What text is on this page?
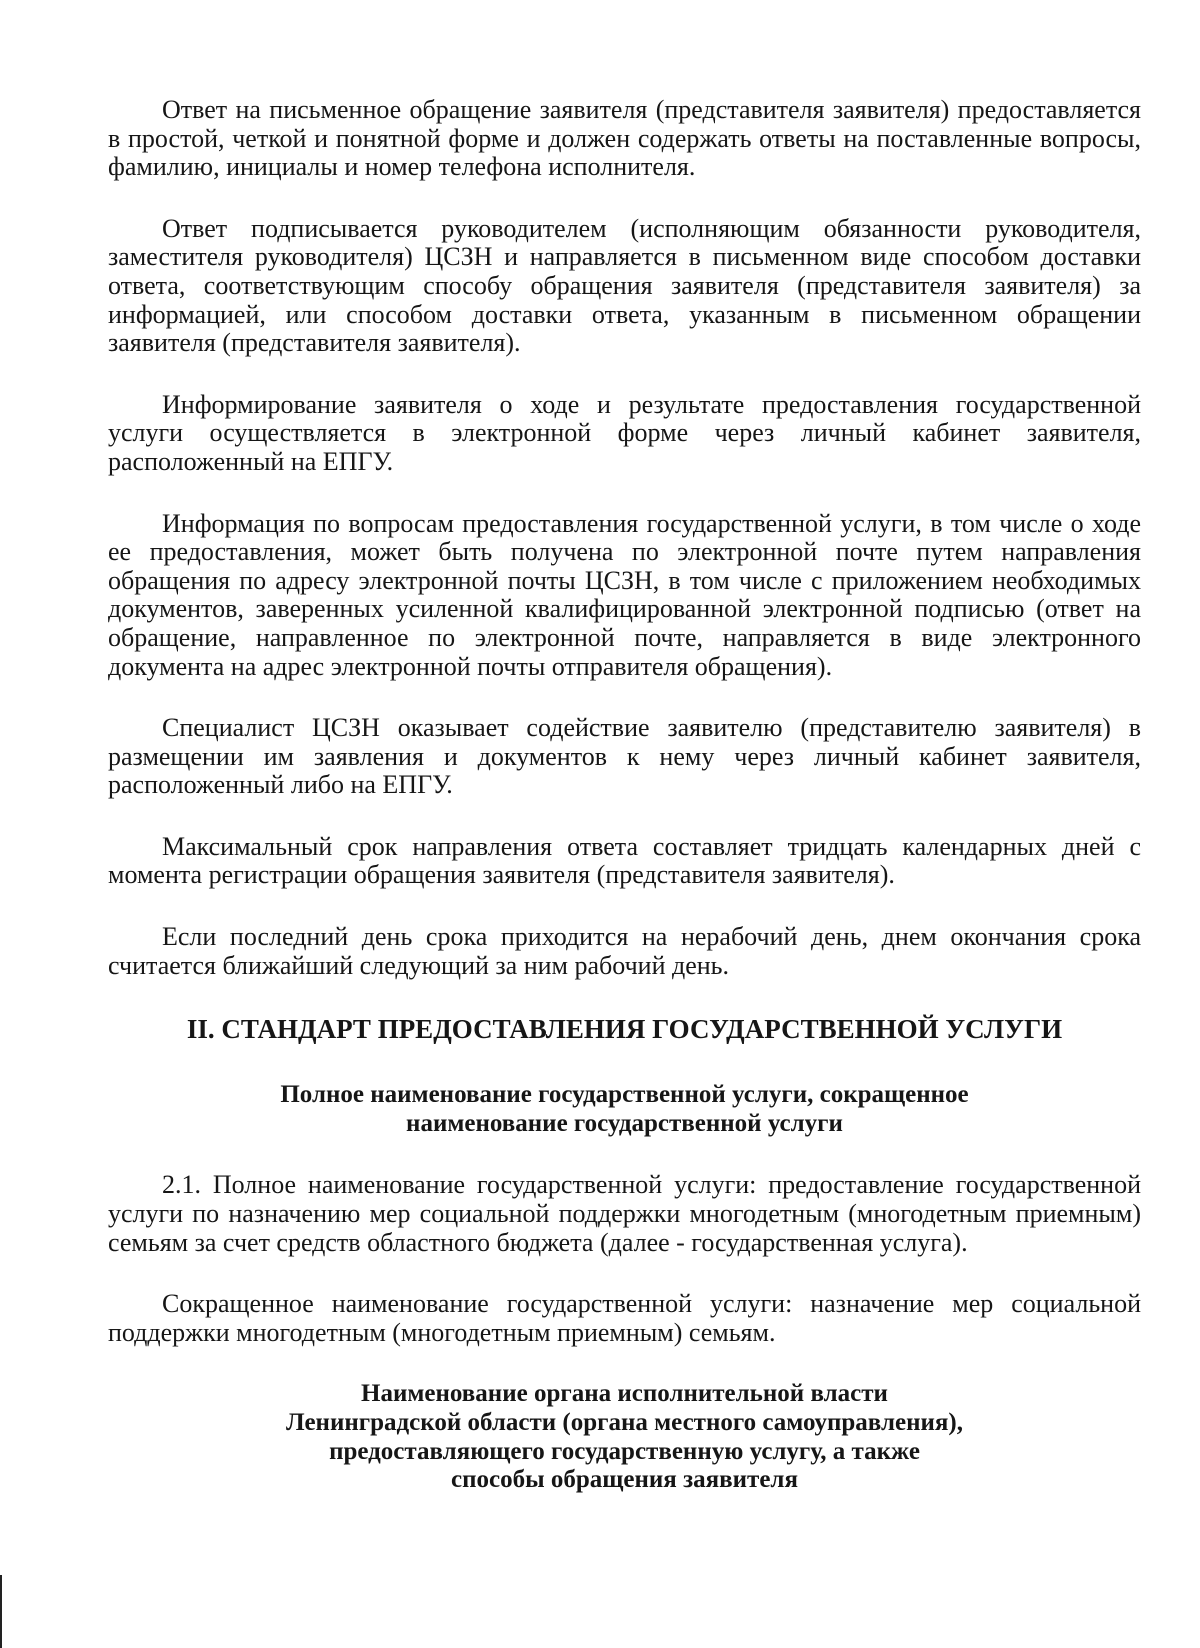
Ответ на письменное обращение заявителя (представителя заявителя) предоставляется в простой, четкой и понятной форме и должен содержать ответы на поставленные вопросы, фамилию, инициалы и номер телефона исполнителя.

Ответ подписывается руководителем (исполняющим обязанности руководителя, заместителя руководителя) ЦСЗН и направляется в письменном виде способом доставки ответа, соответствующим способу обращения заявителя (представителя заявителя) за информацией, или способом доставки ответа, указанным в письменном обращении заявителя (представителя заявителя).

Информирование заявителя о ходе и результате предоставления государственной услуги осуществляется в электронной форме через личный кабинет заявителя, расположенный на ЕПГУ.

Информация по вопросам предоставления государственной услуги, в том числе о ходе ее предоставления, может быть получена по электронной почте путем направления обращения по адресу электронной почты ЦСЗН, в том числе с приложением необходимых документов, заверенных усиленной квалифицированной электронной подписью (ответ на обращение, направленное по электронной почте, направляется в виде электронного документа на адрес электронной почты отправителя обращения).

Специалист ЦСЗН оказывает содействие заявителю (представителю заявителя) в размещении им заявления и документов к нему через личный кабинет заявителя, расположенный либо на ЕПГУ.

Максимальный срок направления ответа составляет тридцать календарных дней с момента регистрации обращения заявителя (представителя заявителя).

Если последний день срока приходится на нерабочий день, днем окончания срока считается ближайший следующий за ним рабочий день.

II. СТАНДАРТ ПРЕДОСТАВЛЕНИЯ ГОСУДАРСТВЕННОЙ УСЛУГИ
Полное наименование государственной услуги, сокращенное
наименование государственной услуги

2.1. Полное наименование государственной услуги: предоставление государственной услуги по назначению мер социальной поддержки многодетным (многодетным приемным) семьям за счет средств областного бюджета (далее - государственная услуга).

Сокращенное наименование государственной услуги: назначение мер социальной поддержки многодетным (многодетным приемным) семьям.

Наименование органа исполнительной власти
Ленинградской области (органа местного самоуправления),
предоставляющего государственную услугу, а также
способы обращения заявителя
